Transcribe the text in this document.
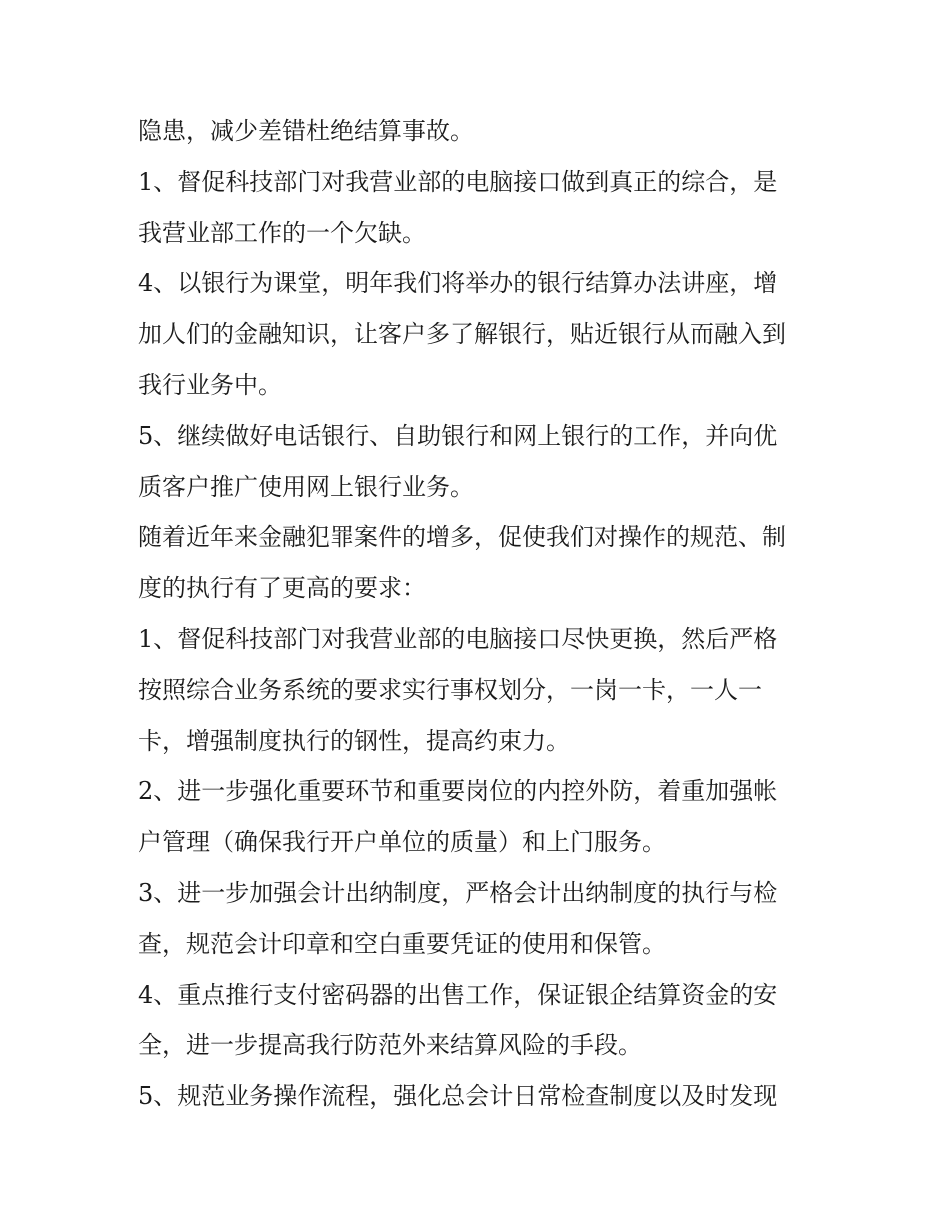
隐患，减少差错杜绝结算事故。
1、督促科技部门对我营业部的电脑接口做到真正的综合，是
我营业部工作的一个欠缺。
4、以银行为课堂，明年我们将举办的银行结算办法讲座，增
加人们的金融知识，让客户多了解银行，贴近银行从而融入到
我行业务中。
5、继续做好电话银行、自助银行和网上银行的工作，并向优
质客户推广使用网上银行业务。
随着近年来金融犯罪案件的增多，促使我们对操作的规范、制
度的执行有了更高的要求：
1、督促科技部门对我营业部的电脑接口尽快更换，然后严格
按照综合业务系统的要求实行事权划分，一岗一卡，一人一
卡，增强制度执行的钢性，提高约束力。
2、进一步强化重要环节和重要岗位的内控外防，着重加强帐
户管理（确保我行开户单位的质量）和上门服务。
3、进一步加强会计出纳制度，严格会计出纳制度的执行与检
查，规范会计印章和空白重要凭证的使用和保管。
4、重点推行支付密码器的出售工作，保证银企结算资金的安
全，进一步提高我行防范外来结算风险的手段。
5、规范业务操作流程，强化总会计日常检查制度以及时发现
